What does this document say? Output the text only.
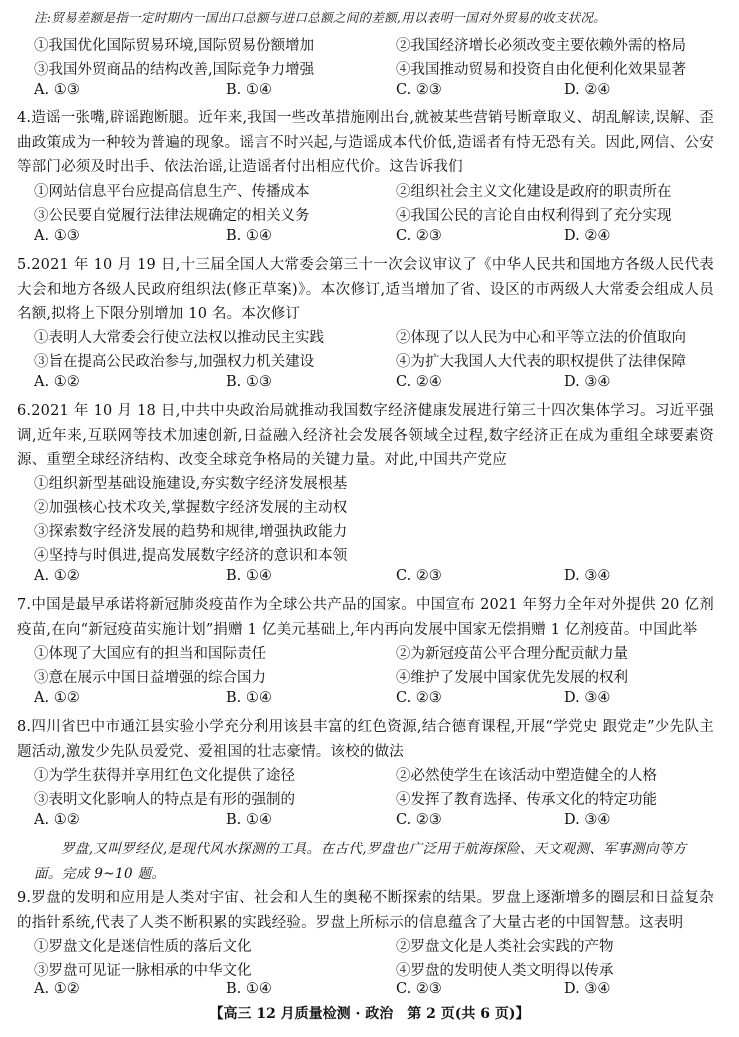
注:贸易差额是指一定时期内一国出口总额与进口总额之间的差额,用以表明一国对外贸易的收支状况。
①我国优化国际贸易环境,国际贸易份额增加	②我国经济增长必须改变主要依赖外需的格局
③我国外贸商品的结构改善,国际竞争力增强	④我国推动贸易和投资自由化便利化效果显著
A. ①③	B. ①④	C. ②③	D. ②④
4.造谣一张嘴,辟谣跑断腿。近年来,我国一些改革措施刚出台,就被某些营销号断章取义、胡乱解读,误解、歪曲政策成为一种较为普遍的现象。谣言不时兴起,与造谣成本代价低,造谣者有恃无恐有关。因此,网信、公安等部门必须及时出手、依法治谣,让造谣者付出相应代价。这告诉我们
①网站信息平台应提高信息生产、传播成本	②组织社会主义文化建设是政府的职责所在
③公民要自觉履行法律法规确定的相关义务	④我国公民的言论自由权利得到了充分实现
A. ①③	B. ①④	C. ②③	D. ②④
5.2021 年 10 月 19 日,十三届全国人大常委会第三十一次会议审议了《中华人民共和国地方各级人民代表大会和地方各级人民政府组织法(修正草案)》。本次修订,适当增加了省、设区的市两级人大常委会组成人员名额,拟将上下限分别增加 10 名。本次修订
①表明人大常委会行使立法权以推动民主实践	②体现了以人民为中心和平等立法的价值取向
③旨在提高公民政治参与,加强权力机关建设	④为扩大我国人大代表的职权提供了法律保障
A. ①②	B. ①③	C. ②④	D. ③④
6.2021 年 10 月 18 日,中共中央政治局就推动我国数字经济健康发展进行第三十四次集体学习。习近平强调,近年来,互联网等技术加速创新,日益融入经济社会发展各领域全过程,数字经济正在成为重组全球要素资源、重塑全球经济结构、改变全球竞争格局的关键力量。对此,中国共产党应
①组织新型基础设施建设,夯实数字经济发展根基
②加强核心技术攻关,掌握数字经济发展的主动权
③探索数字经济发展的趋势和规律,增强执政能力
④坚持与时俱进,提高发展数字经济的意识和本领
A. ①②	B. ①④	C. ②③	D. ③④
7.中国是最早承诺将新冠肺炎疫苗作为全球公共产品的国家。中国宣布 2021 年努力全年对外提供 20 亿剂疫苗,在向“新冠疫苗实施计划”捐赠 1 亿美元基础上,年内再向发展中国家无偿捐赠 1 亿剂疫苗。中国此举
①体现了大国应有的担当和国际责任	②为新冠疫苗公平合理分配贡献力量
③意在展示中国日益增强的综合国力	④维护了发展中国家优先发展的权利
A. ①②	B. ①④	C. ②③	D. ③④
8.四川省巴中市通江县实验小学充分利用该县丰富的红色资源,结合德育课程,开展“学党史 跟党走”少先队主题活动,激发少先队员爱党、爱祖国的壮志豪情。该校的做法
①为学生获得并享用红色文化提供了途径	②必然使学生在该活动中塑造健全的人格
③表明文化影响人的特点是有形的强制的	④发挥了教育选择、传承文化的特定功能
A. ①②	B. ①④	C. ②③	D. ③④
罗盘,又叫罗经仪,是现代风水探测的工具。在古代,罗盘也广泛用于航海探险、天文观测、军事测向等方面。完成 9~10 题。
9.罗盘的发明和应用是人类对宇宙、社会和人生的奥秘不断探索的结果。罗盘上逐渐增多的圈层和日益复杂的指针系统,代表了人类不断积累的实践经验。罗盘上所标示的信息蕴含了大量古老的中国智慧。这表明
①罗盘文化是迷信性质的落后文化	②罗盘文化是人类社会实践的产物
③罗盘可见证一脉相承的中华文化	④罗盘的发明使人类文明得以传承
A. ①②	B. ①④	C. ②③	D. ③④
【高三 12 月质量检测 · 政治　第 2 页(共 6 页)】
